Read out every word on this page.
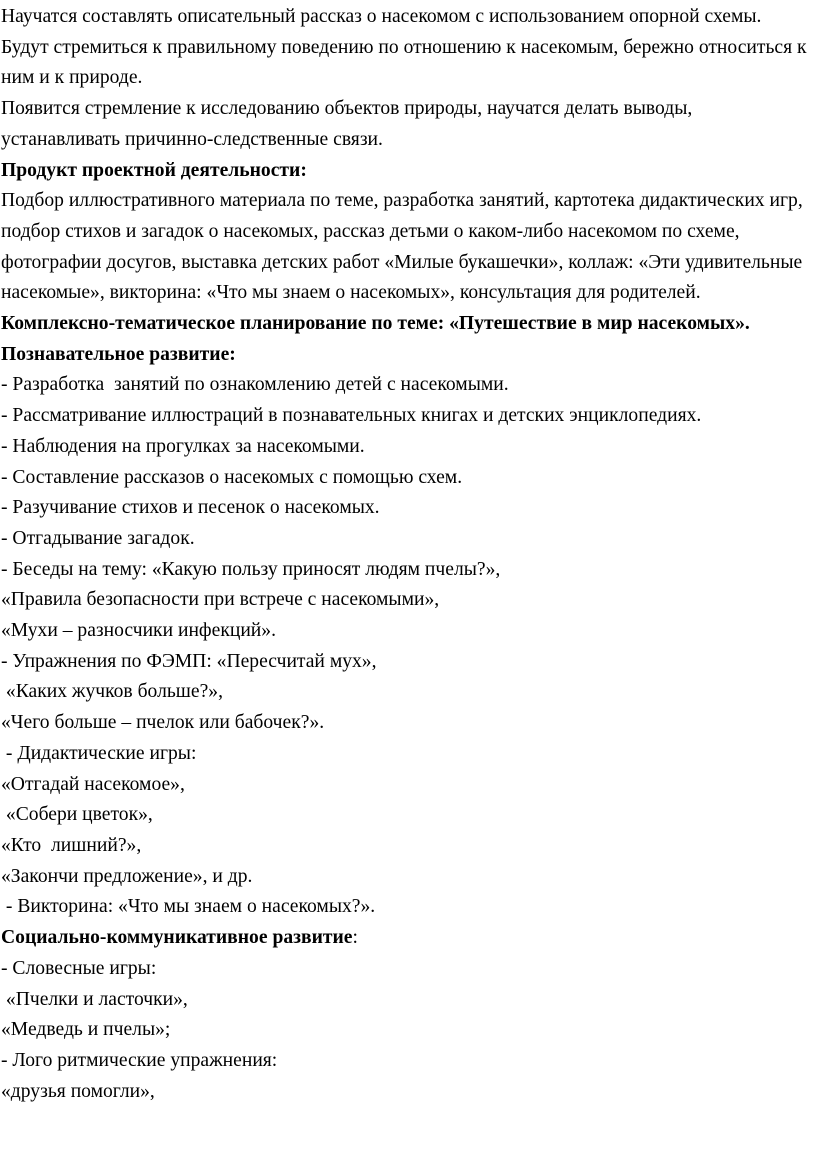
Научатся составлять описательный рассказ о насекомом с использованием опорной схемы.

Будут стремиться к правильному поведению по отношению к насекомым, бережно относиться к ним и к природе.

Появится стремление к исследованию объектов природы, научатся делать выводы, устанавливать причинно-следственные связи.

Продукт проектной деятельности:

Подбор иллюстративного материала по теме, разработка занятий, картотека дидактических игр, подбор стихов и загадок о насекомых, рассказ детьми о каком-либо насекомом по схеме, фотографии досугов, выставка детских работ «Милые букашечки», коллаж: «Эти удивительные насекомые», викторина: «Что мы знаем о насекомых», консультация для родителей.

Комплексно-тематическое планирование по теме: «Путешествие в мир насекомых».

Познавательное развитие:

- Разработка  занятий по ознакомлению детей с насекомыми.

- Рассматривание иллюстраций в познавательных книгах и детских энциклопедиях.

- Наблюдения на прогулках за насекомыми.

- Составление рассказов о насекомых с помощью схем.

- Разучивание стихов и песенок о насекомых.

- Отгадывание загадок.

- Беседы на тему: «Какую пользу приносят людям пчелы?»,

«Правила безопасности при встрече с насекомыми»,

«Мухи – разносчики инфекций».

- Упражнения по ФЭМП: «Пересчитай мух»,

«Каких жучков больше?»,

«Чего больше – пчелок или бабочек?».

- Дидактические игры:

«Отгадай насекомое»,

«Собери цветок»,

«Кто  лишний?»,

«Закончи предложение», и др.

- Викторина: «Что мы знаем о насекомых?».

Социально-коммуникативное развитие:

- Словесные игры:

«Пчелки и ласточки»,

«Медведь и пчелы»;

- Лого ритмические упражнения:

«друзья помогли»,
